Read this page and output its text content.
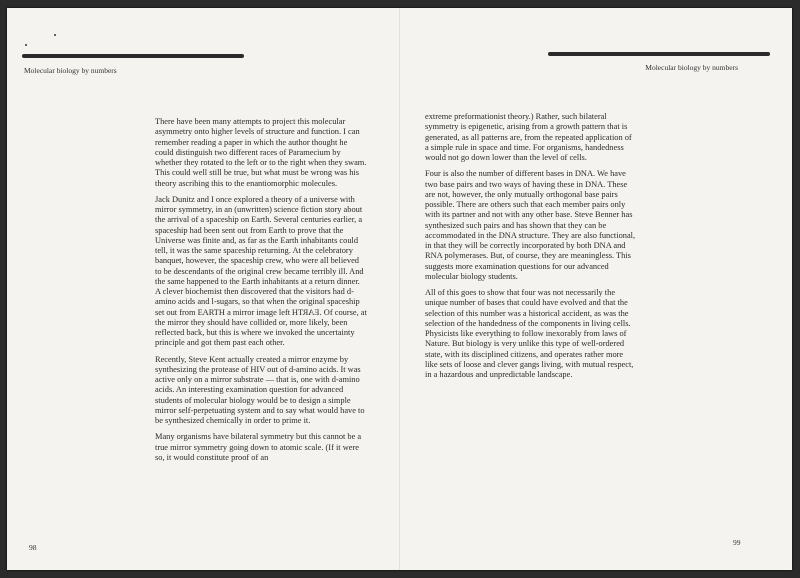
Molecular biology by numbers	Molecular biology by numbers

There have been many attempts to project this molecular asymmetry onto higher levels of structure and function. I can remember reading a paper in which the author thought he could distinguish two different races of Paramecium by whether they rotated to the left or to the right when they swam. This could well still be true, but what must be wrong was his theory ascribing this to the enantiomorphic molecules.

Jack Dunitz and I once explored a theory of a universe with mirror symmetry, in an (unwritten) science fiction story about the arrival of a spaceship on Earth. Several centuries earlier, a spaceship had been sent out from Earth to prove that the Universe was finite and, as far as the Earth inhabitants could tell, it was the same spaceship returning. At the celebratory banquet, however, the spaceship crew, who were all believed to be descendants of the original crew became terribly ill. And the same happened to the Earth inhabitants at a return dinner. A clever biochemist then discovered that the visitors had d-amino acids and l-sugars, so that when the original spaceship set out from EARTH a mirror image left EARTH. Of course, at the mirror they should have collided or, more likely, been reflected back, but this is where we invoked the uncertainty principle and got them past each other.

Recently, Steve Kent actually created a mirror enzyme by synthesizing the protease of HIV out of d-amino acids. It was active only on a mirror substrate — that is, one with d-amino acids. An interesting examination question for advanced students of molecular biology would be to design a simple mirror self-perpetuating system and to say what would have to be synthesized chemically in order to prime it.

Many organisms have bilateral symmetry but this cannot be a true mirror symmetry going down to atomic scale. (If it were so, it would constitute proof of an

extreme preformationist theory.) Rather, such bilateral symmetry is epigenetic, arising from a growth pattern that is generated, as all patterns are, from the repeated application of a simple rule in space and time. For organisms, handedness would not go down lower than the level of cells.

Four is also the number of different bases in DNA. We have two base pairs and two ways of having these in DNA. These are not, however, the only mutually orthogonal base pairs possible. There are others such that each member pairs only with its partner and not with any other base. Steve Benner has synthesized such pairs and has shown that they can be accommodated in the DNA structure. They are also functional, in that they will be correctly incorporated by both DNA and RNA polymerases. But, of course, they are meaningless. This suggests more examination questions for our advanced molecular biology students.

All of this goes to show that four was not necessarily the unique number of bases that could have evolved and that the selection of this number was a historical accident, as was the selection of the handedness of the components in living cells. Physicists like everything to follow inexorably from laws of Nature. But biology is very unlike this type of well-ordered state, with its disciplined citizens, and operates rather more like sets of loose and clever gangs living, with mutual respect, in a hazardous and unpredictable landscape.

98
99
